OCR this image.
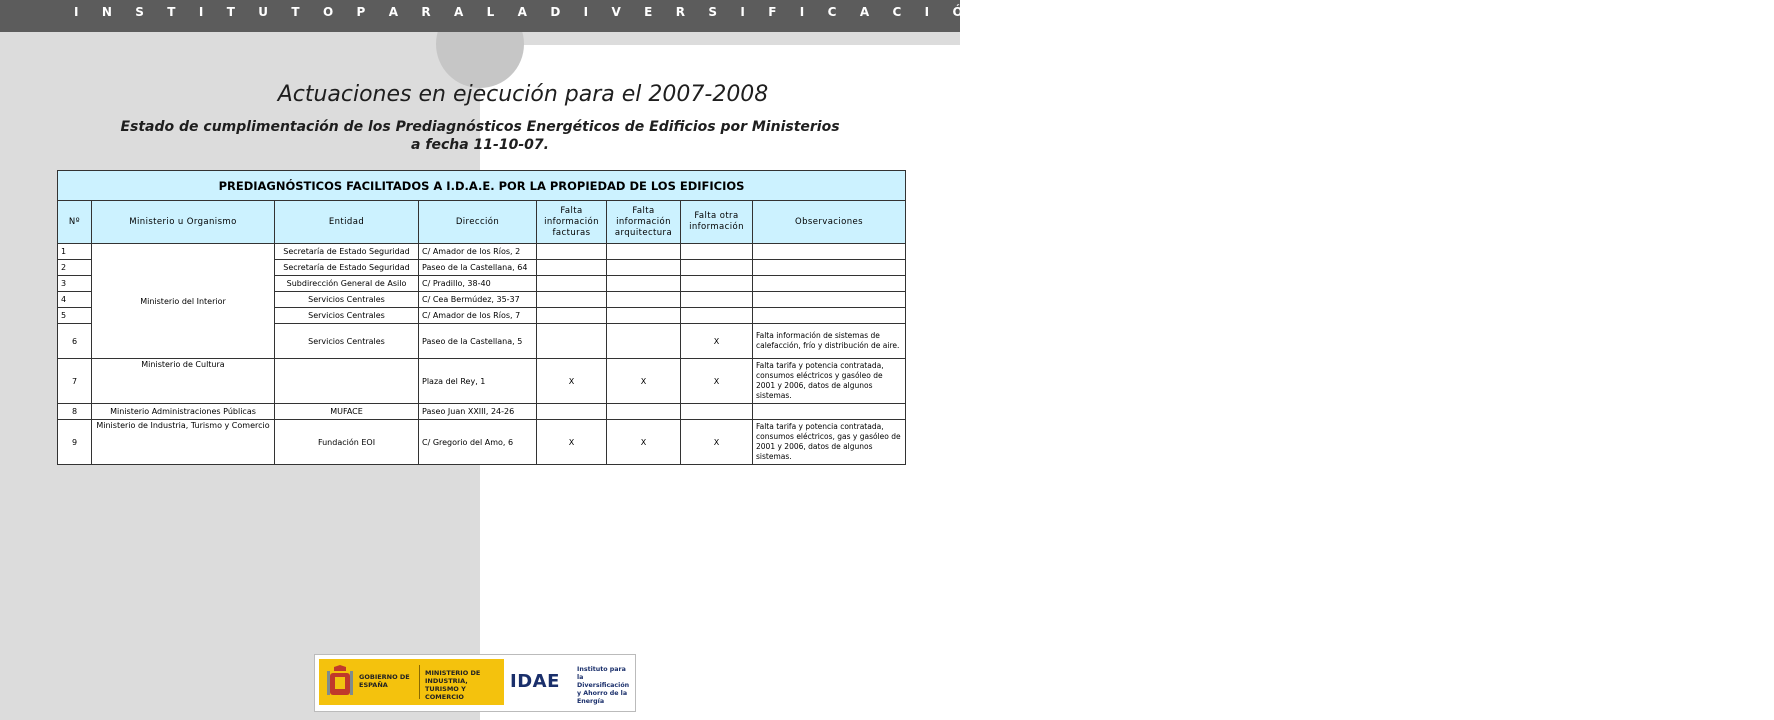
I N S T I T U T O P A R A L A D I V E R S I F I C A C I Ó N Y A H O R R O D E L A E N E R G Í A (PAEE-AGE)
Actuaciones en ejecución para el 2007-2008
Estado de cumplimentación de los Prediagnósticos Energéticos de Edificios por Ministerios
a fecha 11-10-07.
PREDIAGNÓSTICOS FACILITADOS A I.D.A.E. POR LA PROPIEDAD DE LOS EDIFICIOS							
Nº	Ministerio u Organismo	Entidad	Dirección	Falta información facturas	Falta información arquitectura	Falta otra información	Observaciones
1	Ministerio del Interior	Secretaría de Estado Seguridad	C/ Amador de los Ríos, 2				
2		Secretaría de Estado Seguridad	Paseo de la Castellana, 64				
3		Subdirección General de Asilo	C/ Pradillo, 38-40				
4		Servicios Centrales	C/ Cea Bermúdez, 35-37				
5		Servicios Centrales	C/ Amador de los Ríos, 7				
6		Servicios Centrales	Paseo de la Castellana, 5			X	Falta información de sistemas de calefacción, frío y distribución de aire.
7	Ministerio de Cultura		Plaza del Rey, 1	X	X	X	Falta tarifa y potencia contratada, consumos eléctricos y gasóleo de 2001 y 2006, datos de algunos sistemas.
8	Ministerio Administraciones Públicas	MUFACE	Paseo Juan XXIII, 24-26				
9	Ministerio de Industria, Turismo y Comercio	Fundación EOI	C/ Gregorio del Amo, 6	X	X	X	Falta tarifa y potencia contratada, consumos eléctricos, gas y gasóleo de 2001 y 2006, datos de algunos sistemas.
GOBIERNO DE ESPAÑA
MINISTERIO DE INDUSTRIA, TURISMO Y COMERCIO
IDAE
Instituto para la Diversificación y Ahorro de la Energía
